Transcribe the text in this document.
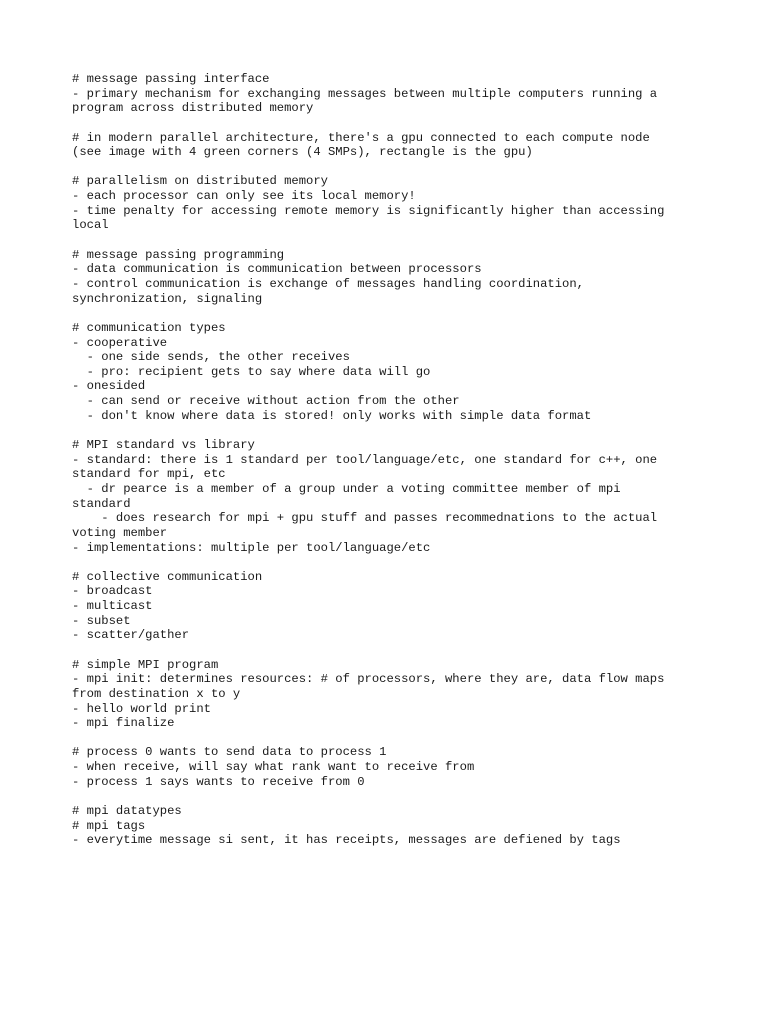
# message passing interface
- primary mechanism for exchanging messages between multiple computers running a
program across distributed memory
# in modern parallel architecture, there's a gpu connected to each compute node
(see image with 4 green corners (4 SMPs), rectangle is the gpu)
# parallelism on distributed memory
- each processor can only see its local memory!
- time penalty for accessing remote memory is significantly higher than accessing
local
# message passing programming
- data communication is communication between processors
- control communication is exchange of messages handling coordination,
synchronization, signaling
# communication types
- cooperative
- one side sends, the other receives
- pro: recipient gets to say where data will go
- onesided
- can send or receive without action from the other
- don't know where data is stored! only works with simple data format
# MPI standard vs library
- standard: there is 1 standard per tool/language/etc, one standard for c++, one
standard for mpi, etc
- dr pearce is a member of a group under a voting committee member of mpi
standard
- does research for mpi + gpu stuff and passes recommednations to the actual
voting member
- implementations: multiple per tool/language/etc
# collective communication
- broadcast
- multicast
- subset
- scatter/gather
# simple MPI program
- mpi init: determines resources: # of processors, where they are, data flow maps
from destination x to y
- hello world print
- mpi finalize
# process 0 wants to send data to process 1
- when receive, will say what rank want to receive from
- process 1 says wants to receive from 0
# mpi datatypes
# mpi tags
- everytime message si sent, it has receipts, messages are defiened by tags
